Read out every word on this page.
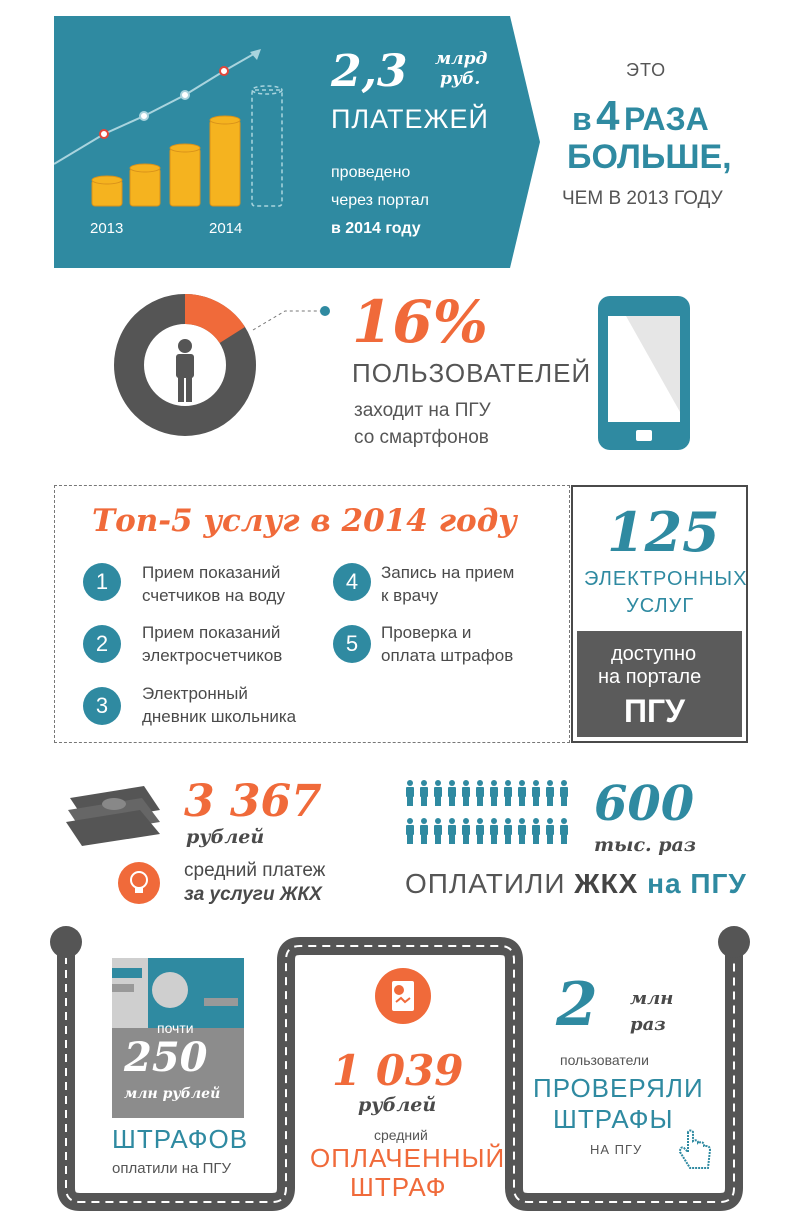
2013	2014
2,3 млрд
руб.
ПЛАТЕЖЕЙ
проведено
через портал
в 2014 году
ЭТО
в 4 РАЗА
БОЛЬШЕ,
ЧЕМ В 2013 ГОДУ
16%
ПОЛЬЗОВАТЕЛЕЙ
заходит на ПГУ
со смартфонов
Топ-5 услуг в 2014 году
1	Прием показаний
счетчиков на воду
2	Прием показаний
электросчетчиков
3	Электронный
дневник школьника
4	Запись на прием
к врачу
5	Проверка и
оплата штрафов
125
ЭЛЕКТРОННЫХ
УСЛУГ
доступно
на портале
ПГУ
3 367
рублей
средний платеж
за услуги ЖКХ
600
тыс. раз
ОПЛАТИЛИ ЖКХ на ПГУ
почти
250
млн рублей
ШТРАФОВ
оплатили на ПГУ
1 039
рублей
средний
ОПЛАЧЕННЫЙ
ШТРАФ
2 млн
раз
пользователи
ПРОВЕРЯЛИ
ШТРАФЫ
НА ПГУ
